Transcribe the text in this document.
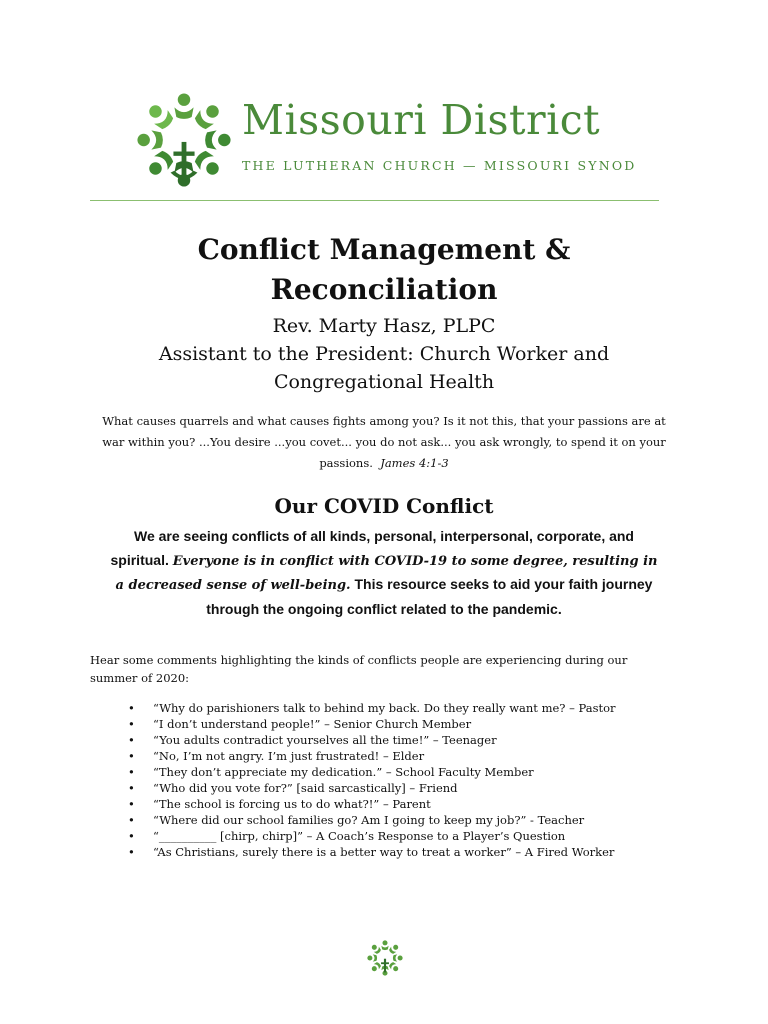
Missouri District
THE LUTHERAN CHURCH — MISSOURI SYNOD
Conflict Management &
Reconciliation
Rev. Marty Hasz, PLPC
Assistant to the President: Church Worker and
Congregational Health
What causes quarrels and what causes fights among you? Is it not this, that your passions are at war within you? ...You desire ...you covet... you do not ask... you ask wrongly, to spend it on your passions. James 4:1-3
Our COVID Conflict
We are seeing conflicts of all kinds, personal, interpersonal, corporate, and spiritual. Everyone is in conflict with COVID-19 to some degree, resulting in a decreased sense of well-being. This resource seeks to aid your faith journey through the ongoing conflict related to the pandemic.
Hear some comments highlighting the kinds of conflicts people are experiencing during our summer of 2020:
• “Why do parishioners talk to behind my back. Do they really want me? – Pastor
• “I don’t understand people!” – Senior Church Member
• “You adults contradict yourselves all the time!” – Teenager
• “No, I’m not angry. I’m just frustrated! – Elder
• “They don’t appreciate my dedication.” – School Faculty Member
• “Who did you vote for?” [said sarcastically] – Friend
• “The school is forcing us to do what?!” – Parent
• “Where did our school families go? Am I going to keep my job?” - Teacher
• “__________ [chirp, chirp]” – A Coach’s Response to a Player’s Question
• “As Christians, surely there is a better way to treat a worker” – A Fired Worker
